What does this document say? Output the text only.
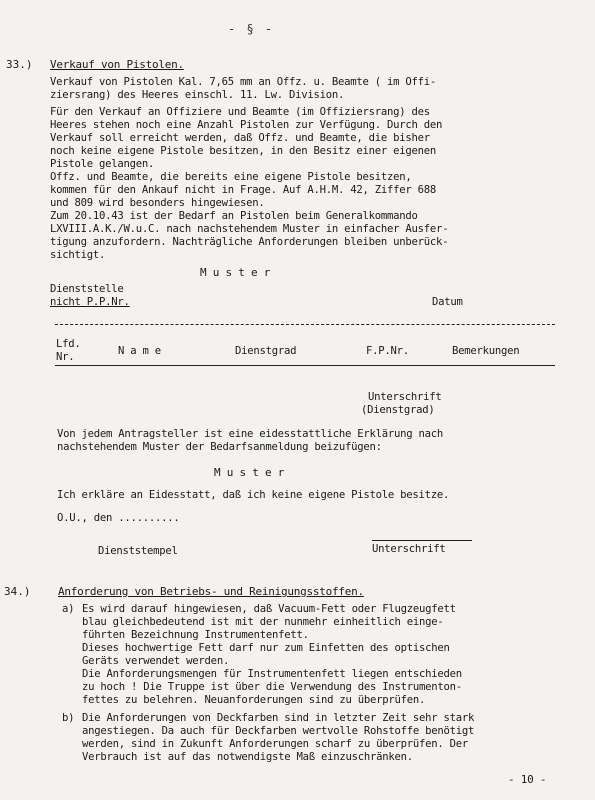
- § -
33.) Verkauf von Pistolen.
Verkauf von Pistolen Kal. 7,65 mm an Offz. u. Beamte ( im Offi-
ziersrang) des Heeres einschl. 11. Lw. Division.
Für den Verkauf an Offiziere und Beamte (im Offiziersrang) des
Heeres stehen noch eine Anzahl Pistolen zur Verfügung. Durch den
Verkauf soll erreicht werden, daß Offz. und Beamte, die bisher
noch keine eigene Pistole besitzen, in den Besitz einer eigenen
Pistole gelangen.
Offz. und Beamte, die bereits eine eigene Pistole besitzen,
kommen für den Ankauf nicht in Frage. Auf A.H.M. 42, Ziffer 688
und 809 wird besonders hingewiesen.
Zum 20.10.43 ist der Bedarf an Pistolen beim Generalkommando
LXVIII.A.K./W.u.C. nach nachstehendem Muster in einfacher Ausfer-
tigung anzufordern. Nachträgliche Anforderungen bleiben unberück-
sichtigt.
M u s t e r
Dienststelle
nicht P.P.Nr.	Datum
Lfd.
Nr.	N a m e	Dienstgrad	F.P.Nr.	Bemerkungen
Unterschrift
(Dienstgrad)
Von jedem Antragsteller ist eine eidesstattliche Erklärung nach
nachstehendem Muster der Bedarfsanmeldung beizufügen:
M u s t e r
Ich erkläre an Eidesstatt, daß ich keine eigene Pistole besitze.
O.U., den ..........
Dienststempel	Unterschrift
34.)	Anforderung von Betriebs- und Reinigungsstoffen.
a) Es wird darauf hingewiesen, daß Vacuum-Fett oder Flugzeugfett
blau gleichbedeutend ist mit der nunmehr einheitlich einge-
führten Bezeichnung Instrumentenfett.
Dieses hochwertige Fett darf nur zum Einfetten des optischen
Geräts verwendet werden.
Die Anforderungsmengen für Instrumentenfett liegen entschieden
zu hoch ! Die Truppe ist über die Verwendung des Instrumenton-
fettes zu belehren. Neuanforderungen sind zu überprüfen.
b) Die Anforderungen von Deckfarben sind in letzter Zeit sehr stark
angestiegen. Da auch für Deckfarben wertvolle Rohstoffe benötigt
werden, sind in Zukunft Anforderungen scharf zu überprüfen. Der
Verbrauch ist auf das notwendigste Maß einzuschränken.
- 10 -
